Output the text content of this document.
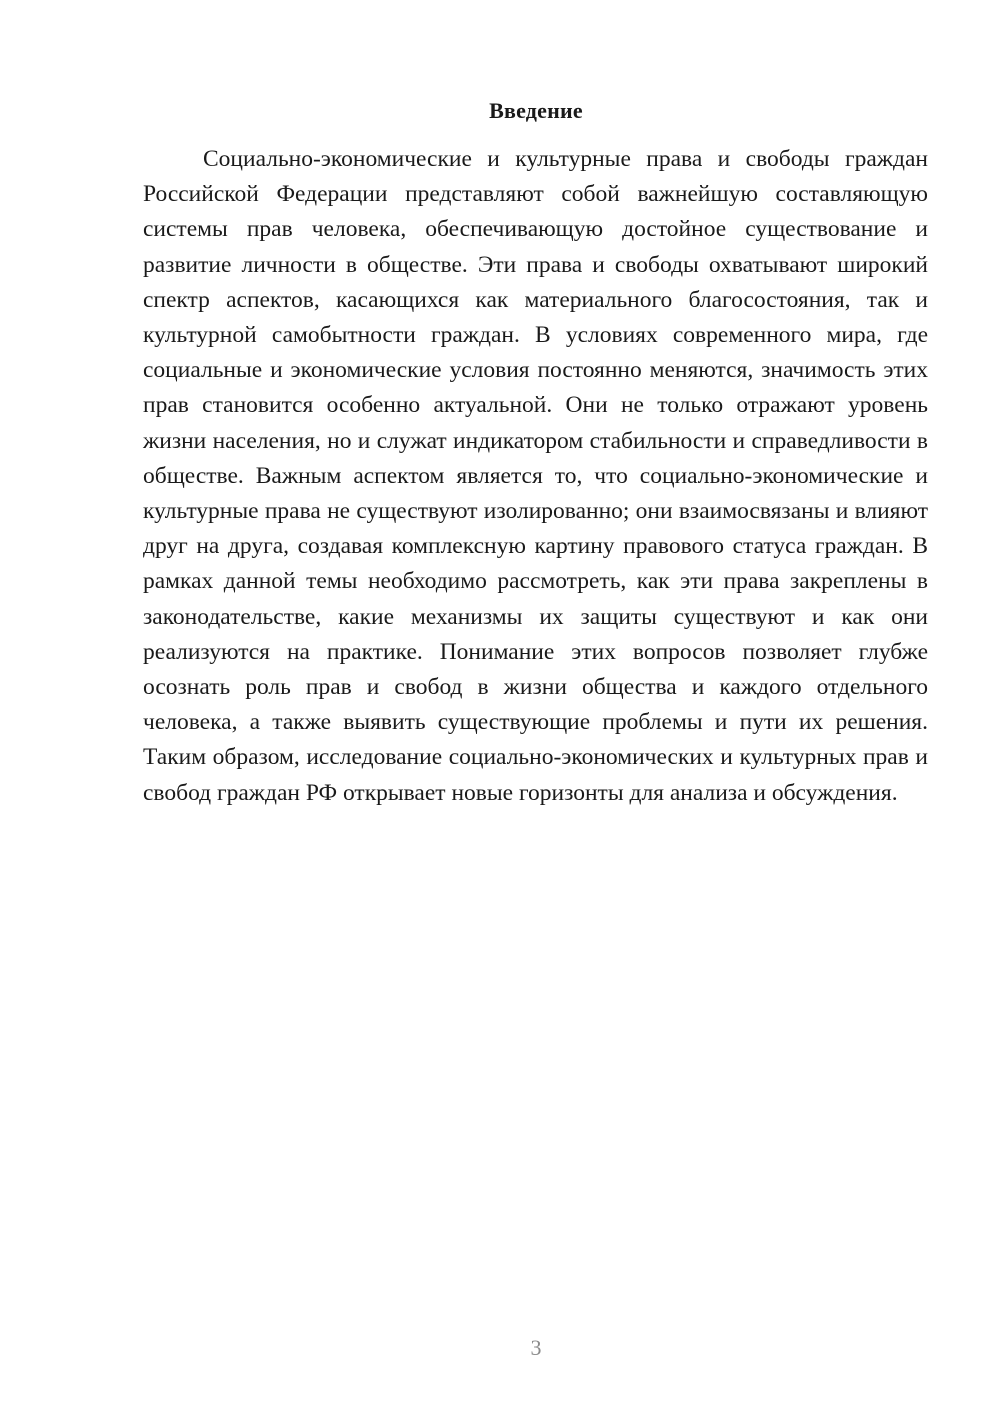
Введение

Социально-экономические и культурные права и свободы граждан Российской Федерации представляют собой важнейшую составляющую системы прав человека, обеспечивающую достойное существование и развитие личности в обществе. Эти права и свободы охватывают широкий спектр аспектов, касающихся как материального благосостояния, так и культурной самобытности граждан. В условиях современного мира, где социальные и экономические условия постоянно меняются, значимость этих прав становится особенно актуальной. Они не только отражают уровень жизни населения, но и служат индикатором стабильности и справедливости в обществе. Важным аспектом является то, что социально-экономические и культурные права не существуют изолированно; они взаимосвязаны и влияют друг на друга, создавая комплексную картину правового статуса граждан. В рамках данной темы необходимо рассмотреть, как эти права закреплены в законодательстве, какие механизмы их защиты существуют и как они реализуются на практике. Понимание этих вопросов позволяет глубже осознать роль прав и свобод в жизни общества и каждого отдельного человека, а также выявить существующие проблемы и пути их решения. Таким образом, исследование социально-экономических и культурных прав и свобод граждан РФ открывает новые горизонты для анализа и обсуждения.

3
